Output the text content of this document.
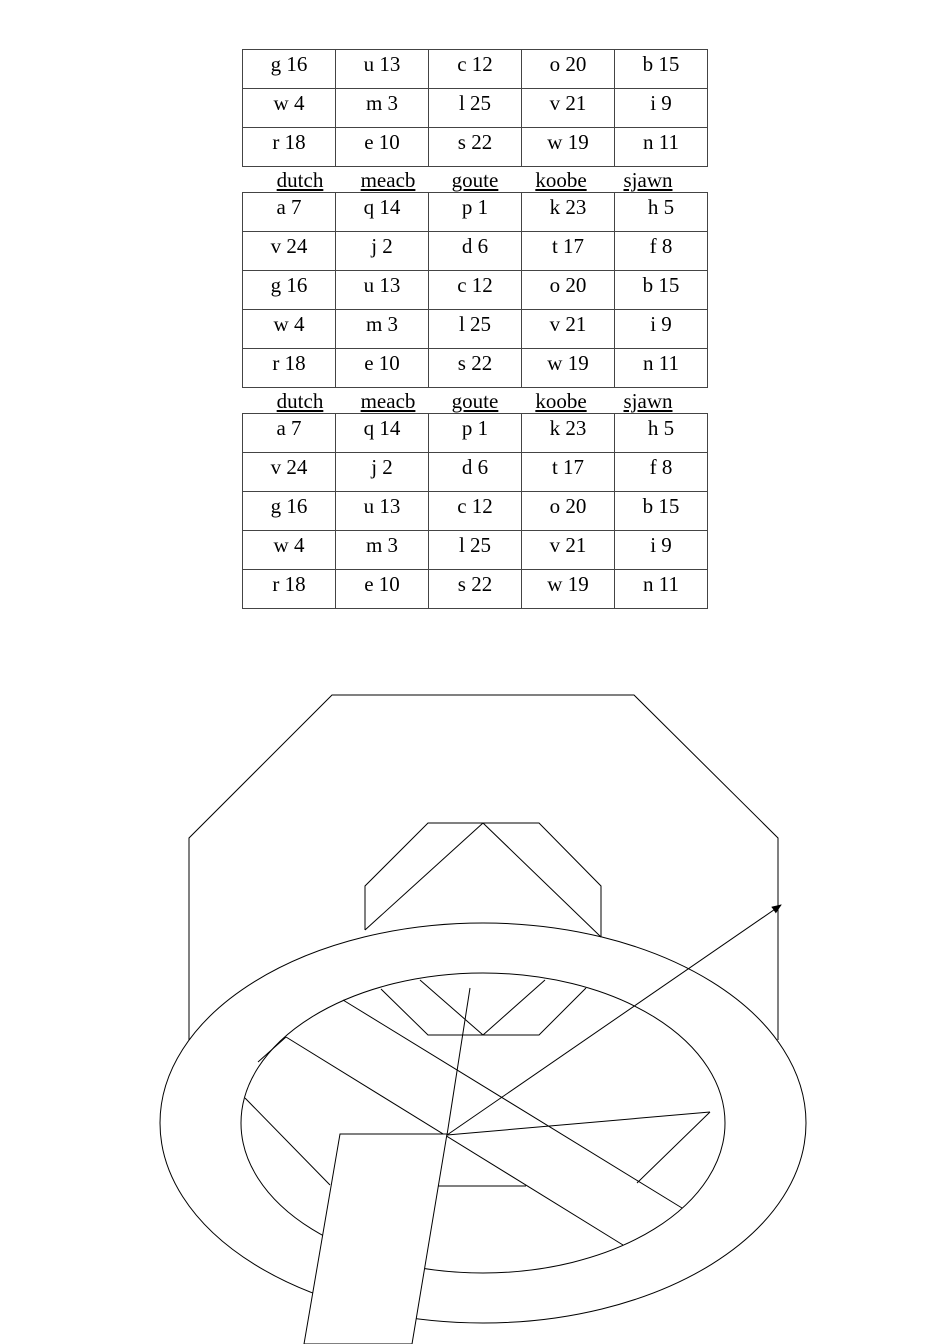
g 16	u 13	c 12	o 20	b 15
w 4	m 3	l 25	v 21	i 9
r 18	e 10	s 22	w 19	n 11
dutch meacb goute koobe sjawn
a 7	q 14	p 1	k 23	h 5
v 24	j 2	d 6	t 17	f 8
g 16	u 13	c 12	o 20	b 15
w 4	m 3	l 25	v 21	i 9
r 18	e 10	s 22	w 19	n 11
dutch meacb goute koobe sjawn
a 7	q 14	p 1	k 23	h 5
v 24	j 2	d 6	t 17	f 8
g 16	u 13	c 12	o 20	b 15
w 4	m 3	l 25	v 21	i 9
r 18	e 10	s 22	w 19	n 11
